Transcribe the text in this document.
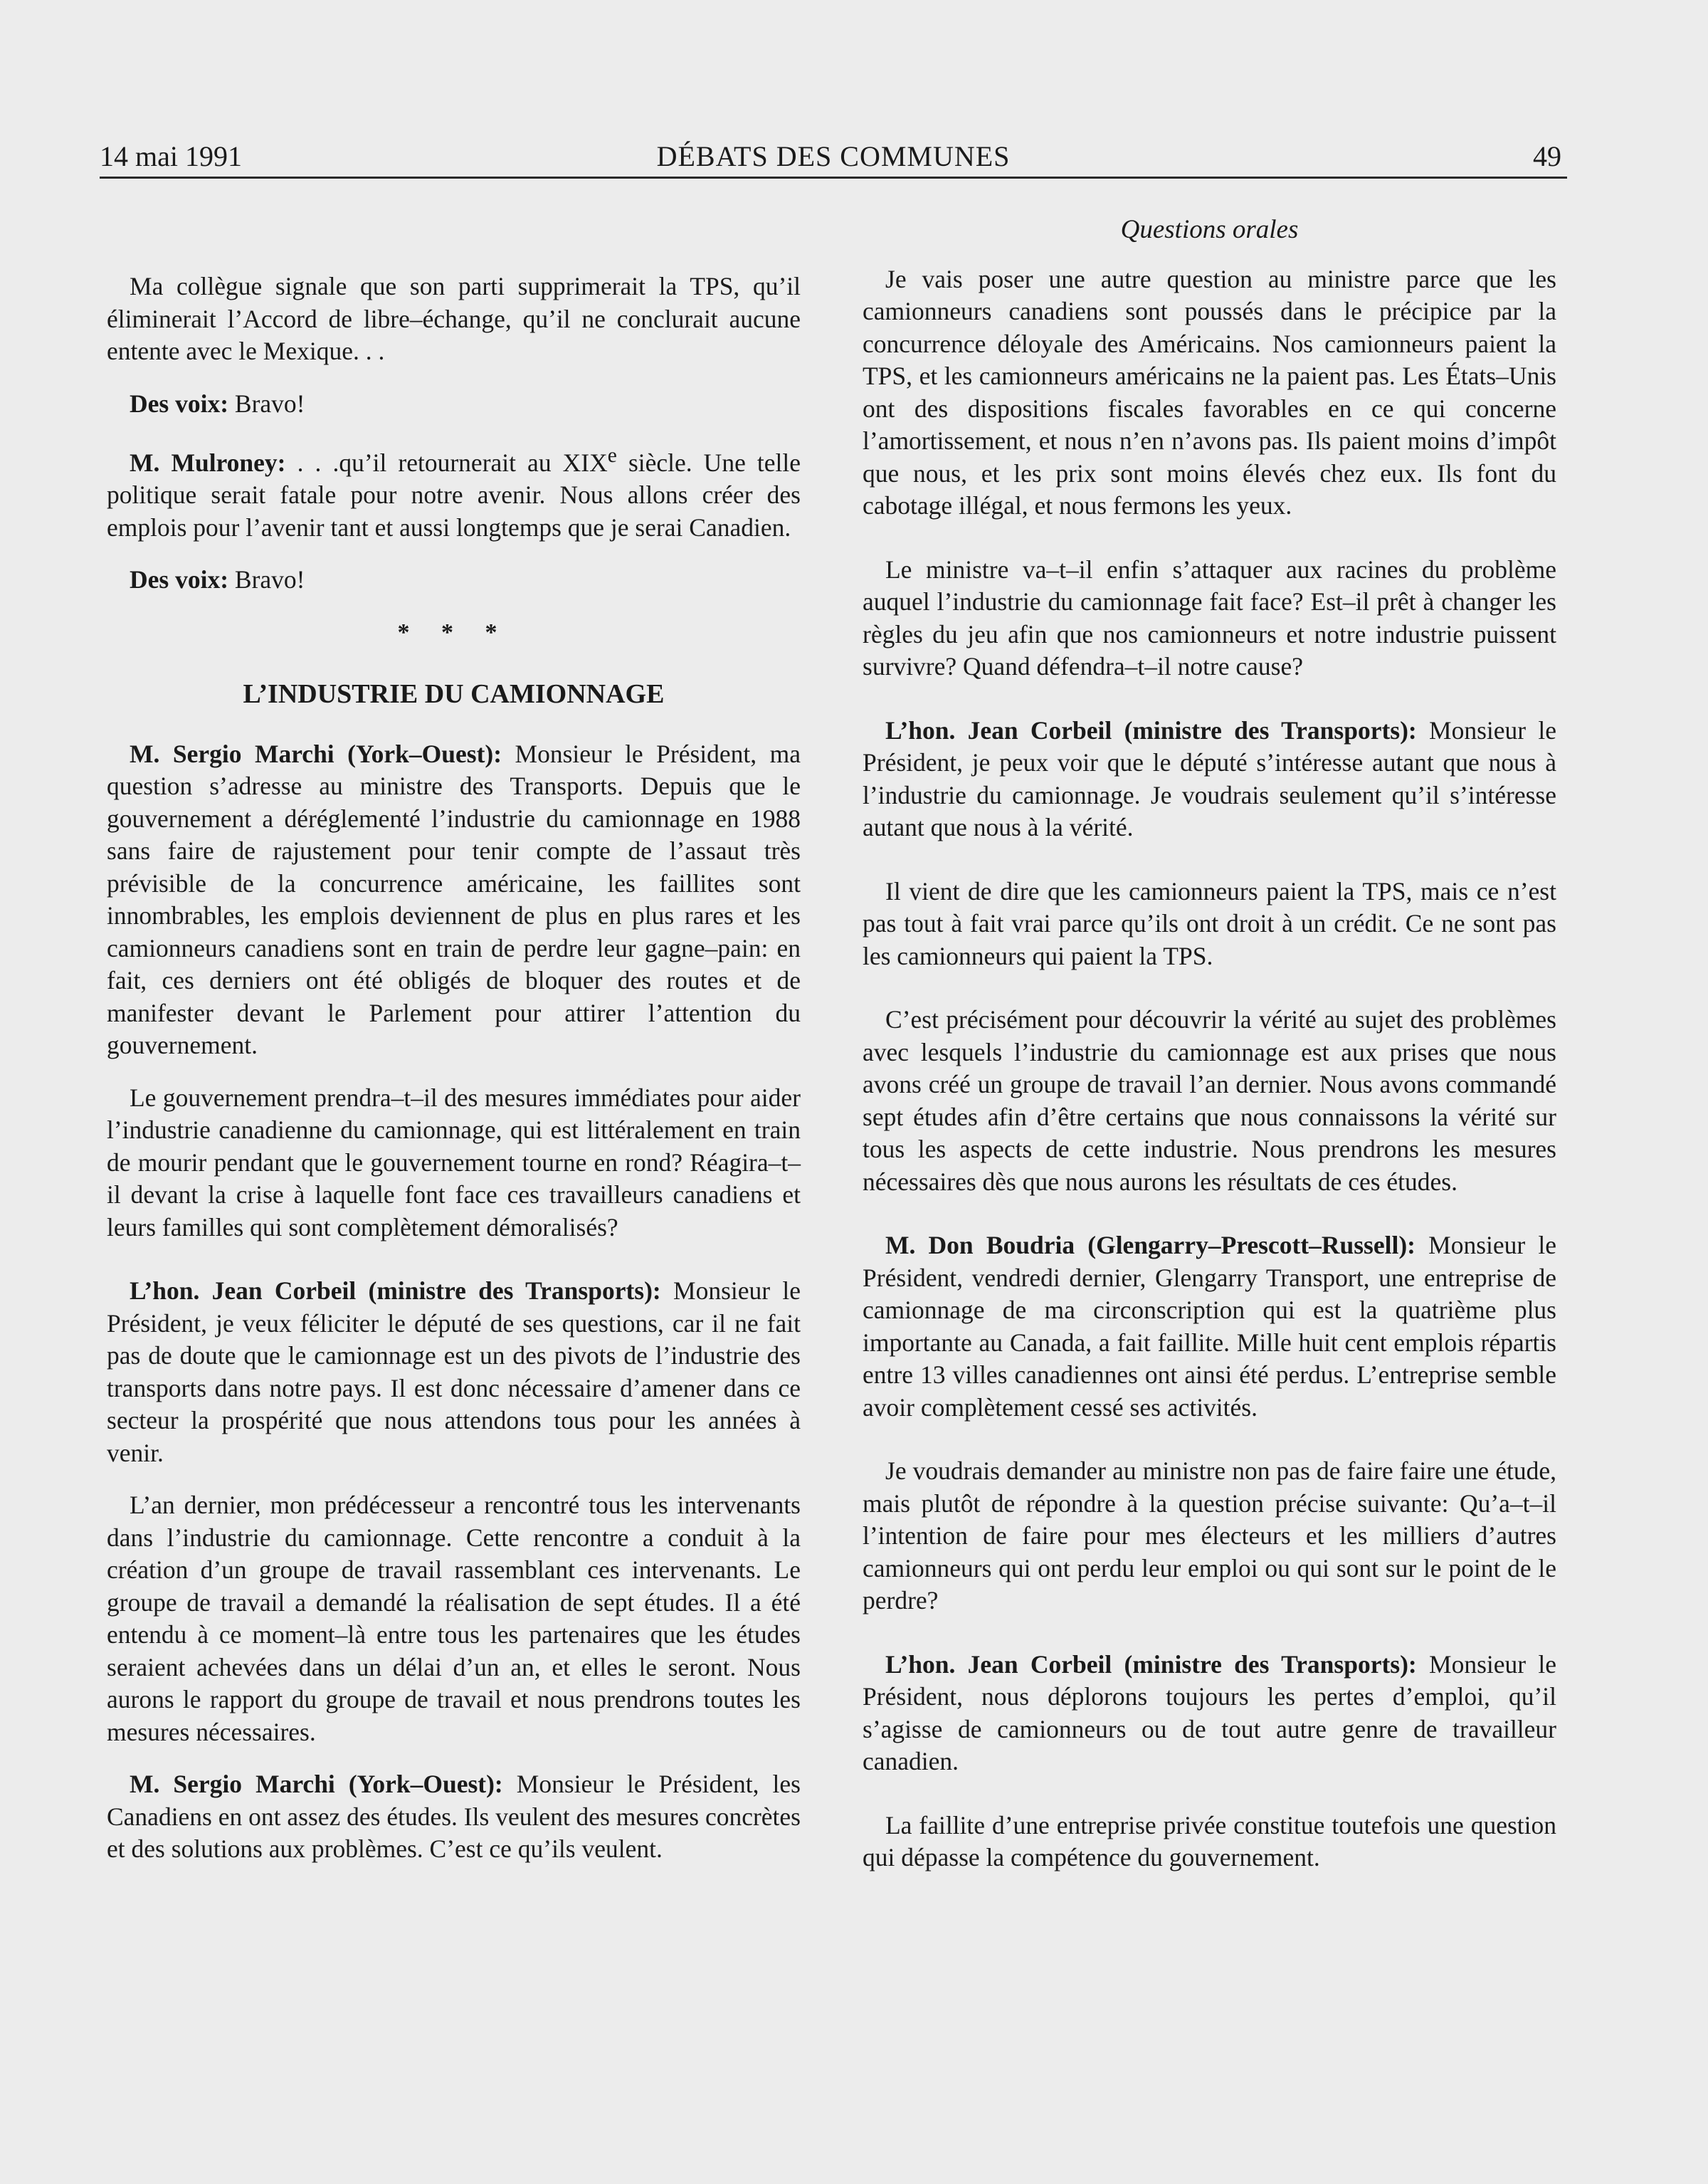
14 mai 1991	DÉBATS DES COMMUNES	49

Ma collègue signale que son parti supprimerait la TPS, qu’il éliminerait l’Accord de libre–échange, qu’il ne conclurait aucune entente avec le Mexique. . .

Des voix: Bravo!

M. Mulroney: . . .qu’il retournerait au XIXe siècle. Une telle politique serait fatale pour notre avenir. Nous allons créer des emplois pour l’avenir tant et aussi longtemps que je serai Canadien.

Des voix: Bravo!

* * *
L’INDUSTRIE DU CAMIONNAGE

M. Sergio Marchi (York–Ouest): Monsieur le Président, ma question s’adresse au ministre des Transports. Depuis que le gouvernement a déréglementé l’industrie du camionnage en 1988 sans faire de rajustement pour tenir compte de l’assaut très prévisible de la concurrence américaine, les faillites sont innombrables, les emplois deviennent de plus en plus rares et les camionneurs canadiens sont en train de perdre leur gagne–pain: en fait, ces derniers ont été obligés de bloquer des routes et de manifester devant le Parlement pour attirer l’attention du gouvernement.

Le gouvernement prendra–t–il des mesures immédiates pour aider l’industrie canadienne du camionnage, qui est littéralement en train de mourir pendant que le gouvernement tourne en rond? Réagira–t–il devant la crise à laquelle font face ces travailleurs canadiens et leurs familles qui sont complètement démoralisés?

L’hon. Jean Corbeil (ministre des Transports): Monsieur le Président, je veux féliciter le député de ses questions, car il ne fait pas de doute que le camionnage est un des pivots de l’industrie des transports dans notre pays. Il est donc nécessaire d’amener dans ce secteur la prospérité que nous attendons tous pour les années à venir.

L’an dernier, mon prédécesseur a rencontré tous les intervenants dans l’industrie du camionnage. Cette rencontre a conduit à la création d’un groupe de travail rassemblant ces intervenants. Le groupe de travail a demandé la réalisation de sept études. Il a été entendu à ce moment–là entre tous les partenaires que les études seraient achevées dans un délai d’un an, et elles le seront. Nous aurons le rapport du groupe de travail et nous prendrons toutes les mesures nécessaires.

M. Sergio Marchi (York–Ouest): Monsieur le Président, les Canadiens en ont assez des études. Ils veulent des mesures concrètes et des solutions aux problèmes. C’est ce qu’ils veulent.

Questions orales

Je vais poser une autre question au ministre parce que les camionneurs canadiens sont poussés dans le précipice par la concurrence déloyale des Américains. Nos camionneurs paient la TPS, et les camionneurs américains ne la paient pas. Les États–Unis ont des dispositions fiscales favorables en ce qui concerne l’amortissement, et nous n’en n’avons pas. Ils paient moins d’impôt que nous, et les prix sont moins élevés chez eux. Ils font du cabotage illégal, et nous fermons les yeux.

Le ministre va–t–il enfin s’attaquer aux racines du problème auquel l’industrie du camionnage fait face? Est–il prêt à changer les règles du jeu afin que nos camionneurs et notre industrie puissent survivre? Quand défendra–t–il notre cause?

L’hon. Jean Corbeil (ministre des Transports): Monsieur le Président, je peux voir que le député s’intéresse autant que nous à l’industrie du camionnage. Je voudrais seulement qu’il s’intéresse autant que nous à la vérité.

Il vient de dire que les camionneurs paient la TPS, mais ce n’est pas tout à fait vrai parce qu’ils ont droit à un crédit. Ce ne sont pas les camionneurs qui paient la TPS.

C’est précisément pour découvrir la vérité au sujet des problèmes avec lesquels l’industrie du camionnage est aux prises que nous avons créé un groupe de travail l’an dernier. Nous avons commandé sept études afin d’être certains que nous connaissons la vérité sur tous les aspects de cette industrie. Nous prendrons les mesures nécessaires dès que nous aurons les résultats de ces études.

M. Don Boudria (Glengarry–Prescott–Russell): Monsieur le Président, vendredi dernier, Glengarry Transport, une entreprise de camionnage de ma circonscription qui est la quatrième plus importante au Canada, a fait faillite. Mille huit cent emplois répartis entre 13 villes canadiennes ont ainsi été perdus. L’entreprise semble avoir complètement cessé ses activités.

Je voudrais demander au ministre non pas de faire faire une étude, mais plutôt de répondre à la question précise suivante: Qu’a–t–il l’intention de faire pour mes électeurs et les milliers d’autres camionneurs qui ont perdu leur emploi ou qui sont sur le point de le perdre?

L’hon. Jean Corbeil (ministre des Transports): Monsieur le Président, nous déplorons toujours les pertes d’emploi, qu’il s’agisse de camionneurs ou de tout autre genre de travailleur canadien.

La faillite d’une entreprise privée constitue toutefois une question qui dépasse la compétence du gouvernement.
